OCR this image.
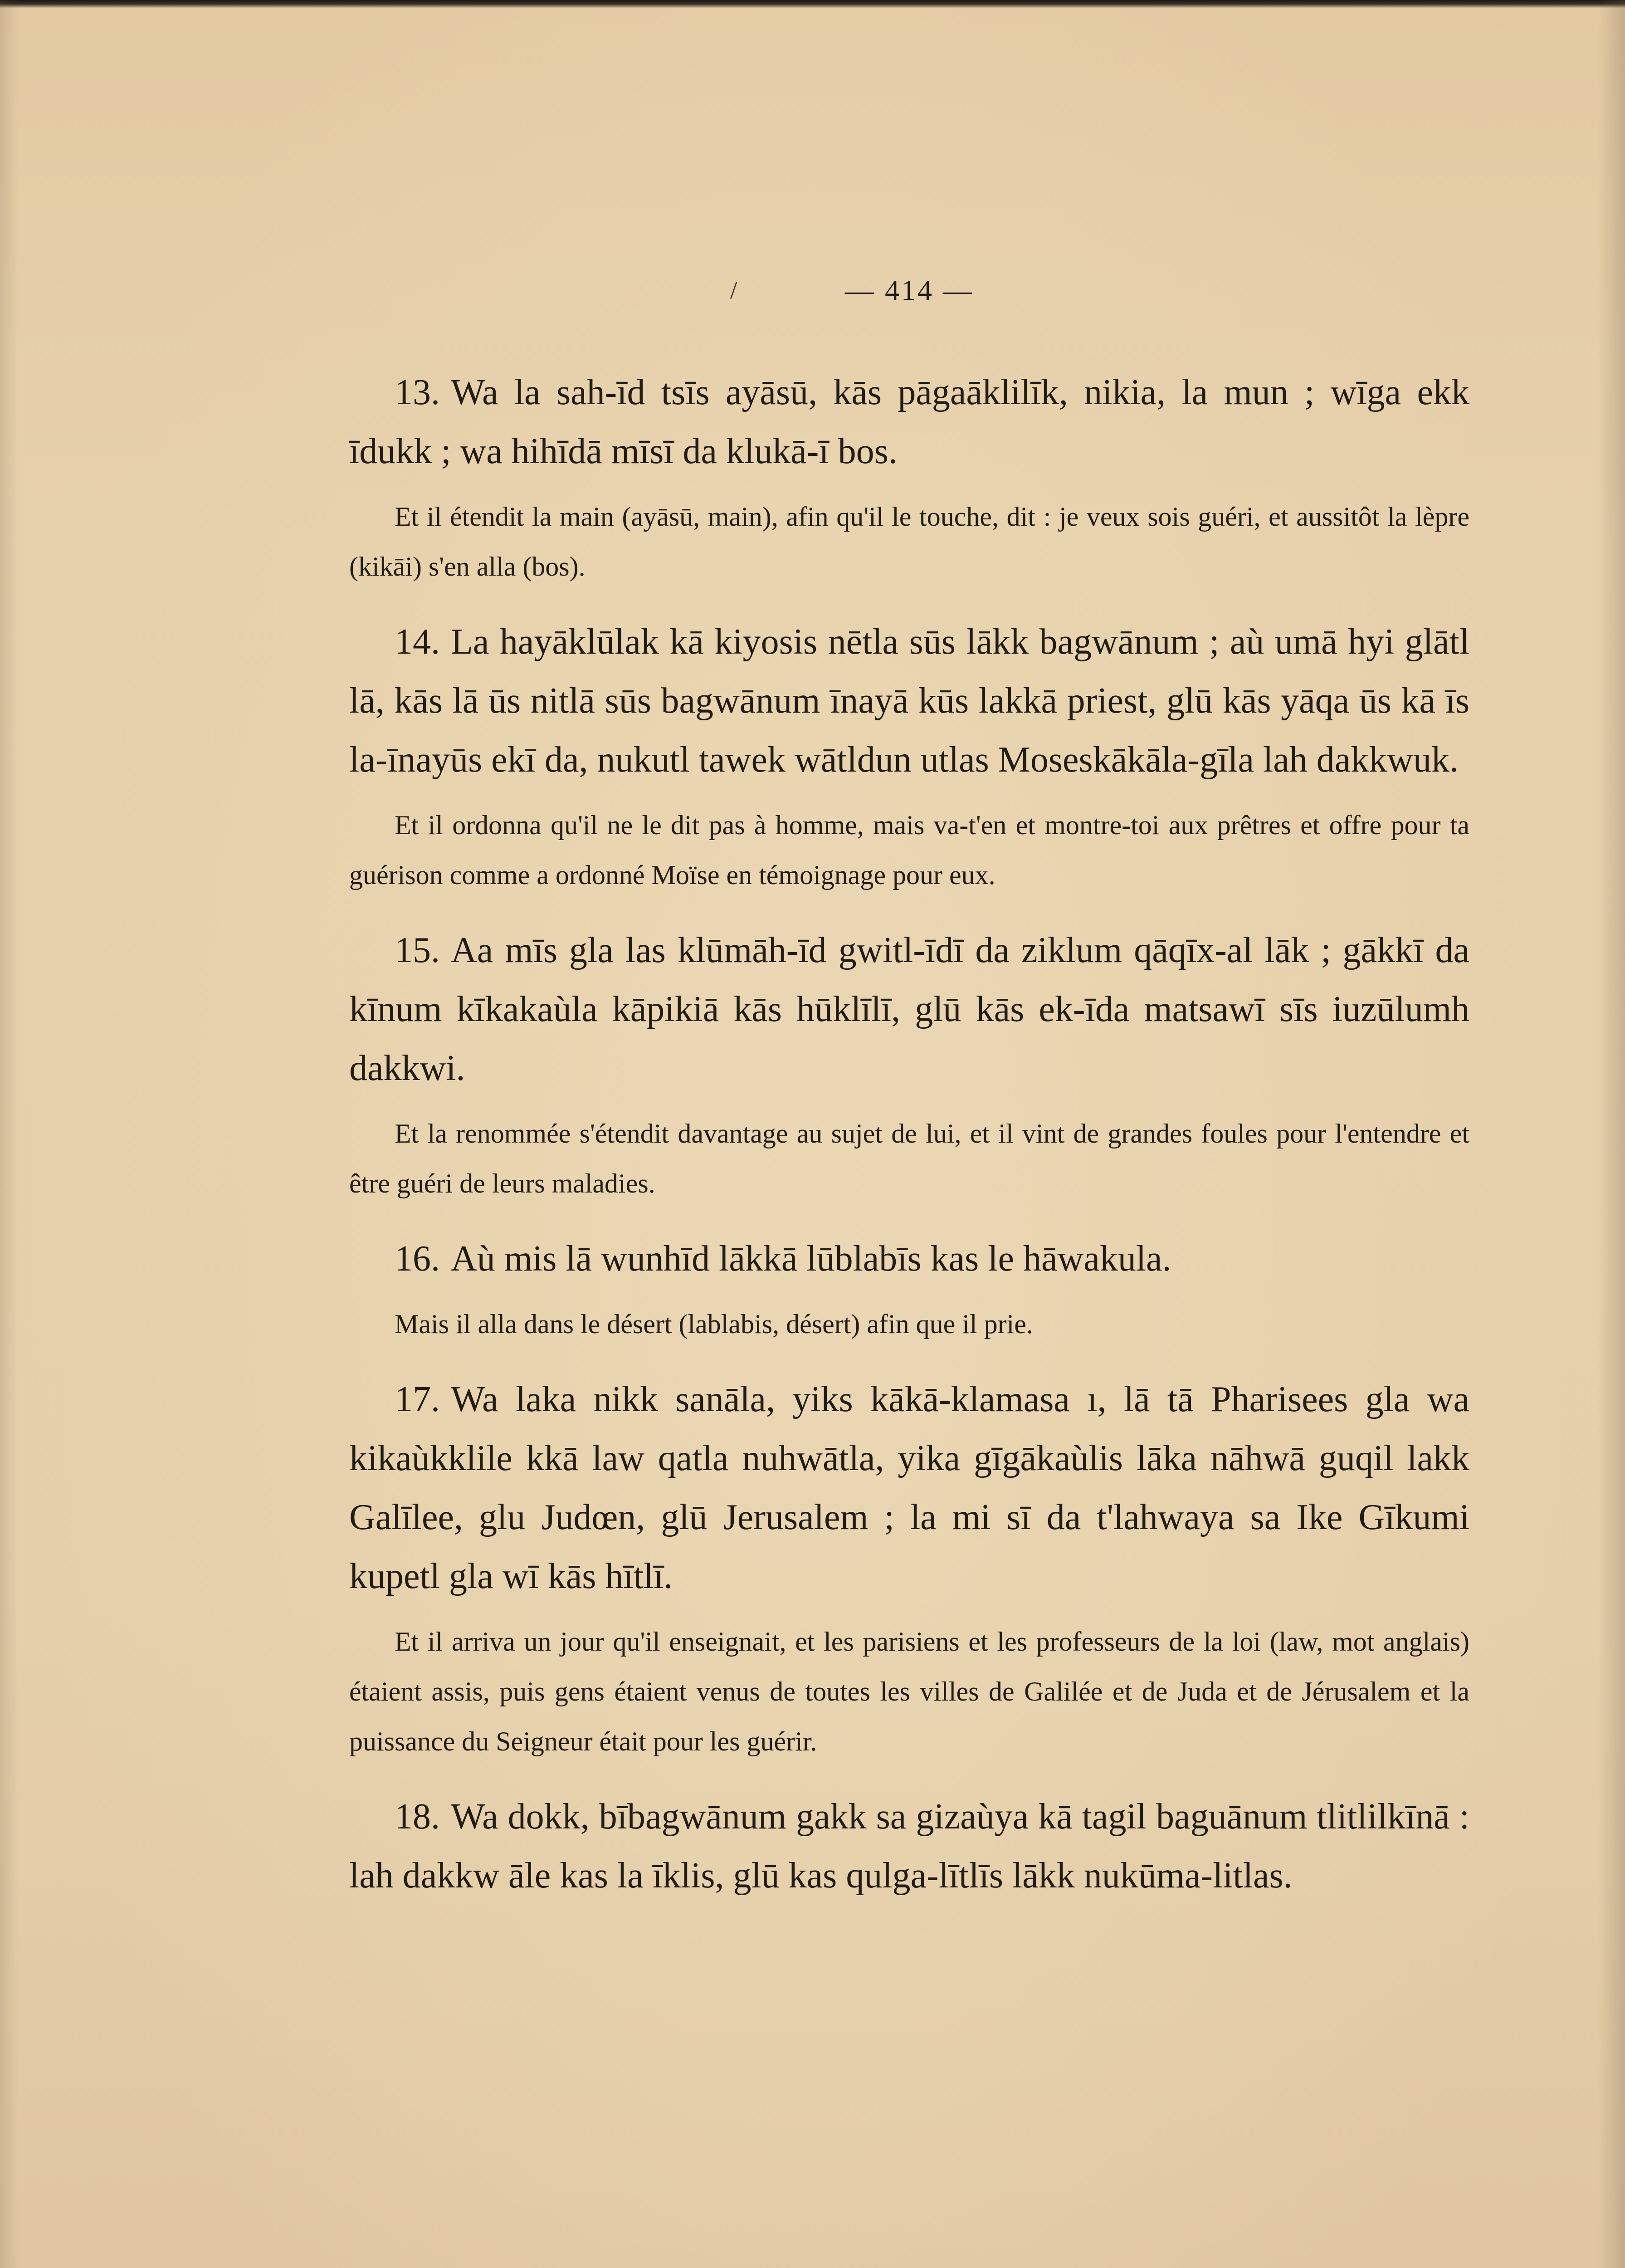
/	— 414 —

13. Wa la sah-īd tsīs ayāsū, kās pāgaāklilīk, nikia, la mun ; wīga ekk īdukk ; wa hihīdā mīsī da klukā-ī bos.

Et il étendit la main (ayāsū, main), afin qu'il le touche, dit : je veux sois guéri, et aussitôt la lèpre (kikāi) s'en alla (bos).

14. La hayāklūlak kā kiyosis nētla sūs lākk bagwānum ; aù umā hyi glātl lā, kās lā ūs nitlā sūs bagwānum īnayā kūs lakkā priest, glū kās yāqa ūs kā īs la-īnayūs ekī da, nukutl tawek wātldun utlas Moseskākāla-gīla lah dakkwuk.

Et il ordonna qu'il ne le dit pas à homme, mais va-t'en et montre-toi aux prêtres et offre pour ta guérison comme a ordonné Moïse en témoignage pour eux.

15. Aa mīs gla las klūmāh-īd gwitl-īdī da ziklum qāqīx-al lāk ; gākkī da kīnum kīkakaùla kāpikiā kās hūklīlī, glū kās ek-īda matsawī sīs iuzūlumh dakkwi.

Et la renommée s'étendit davantage au sujet de lui, et il vint de grandes foules pour l'entendre et être guéri de leurs maladies.

16. Aù mis lā wunhīd lākkā lūblabīs kas le hāwakula.

Mais il alla dans le désert (lablabis, désert) afin que il prie.

17. Wa laka nikk sanāla, yiks kākā-klamasa ı, lā tā Pharisees gla wa kikaùkklile kkā law qatla nuhwātla, yika gīgākaùlis lāka nāhwā guqil lakk Galīlee, glu Judœn, glū Jerusalem ; la mi sī da t'lahwaya sa Ike Gīkumi kupetl gla wī kās hītlī.

Et il arriva un jour qu'il enseignait, et les parisiens et les professeurs de la loi (law, mot anglais) étaient assis, puis gens étaient venus de toutes les villes de Galilée et de Juda et de Jérusalem et la puissance du Seigneur était pour les guérir.

18. Wa dokk, bībagwānum gakk sa gizaùya kā tagil baguānum tlitlilkīnā : lah dakkw āle kas la īklis, glū kas qulga-lītlīs lākk nukūma-litlas.
